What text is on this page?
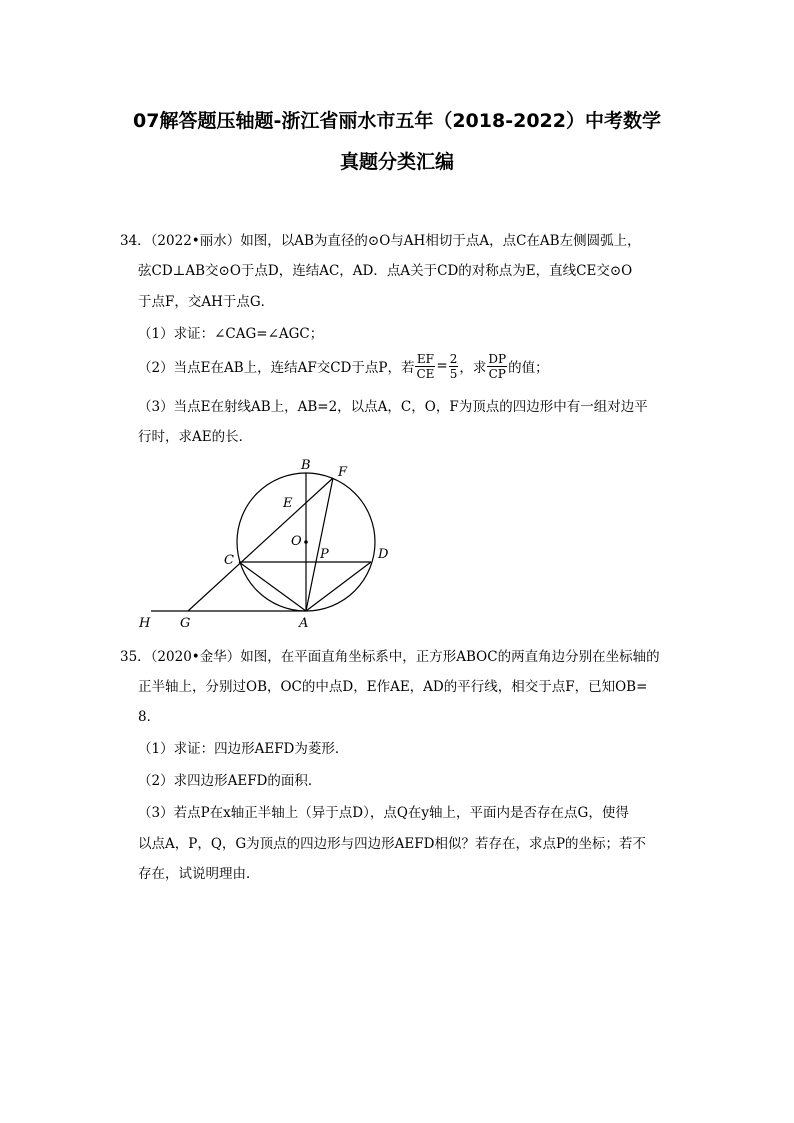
07解答题压轴题-浙江省丽水市五年（2018-2022）中考数学
真题分类汇编
34．（2022•丽水）如图，以AB为直径的⊙O与AH相切于点A，点C在AB左侧圆弧上，
弦CD⊥AB交⊙O于点D，连结AC，AD．点A关于CD的对称点为E，直线CE交⊙O
于点F，交AH于点G．
（1）求证：∠CAG=∠AGC；
（2）当点E在AB上，连结AF交CD于点P，若 $\frac{EF}{CE} = \frac{2}{5}$ ，求 $\frac{DP}{CP}$ 的值；
（3）当点E在射线AB上，AB=2，以点A，C，O，F为顶点的四边形中有一组对边平
行时，求AE的长．
B F
E
O
C	P	D
H G	A
35．（2020•金华）如图，在平面直角坐标系中，正方形ABOC的两直角边分别在坐标轴的
正半轴上，分别过OB，OC的中点D，E作AE，AD的平行线，相交于点F，已知OB=
8．
（1）求证：四边形AEFD为菱形．
（2）求四边形AEFD的面积．
（3）若点P在x轴正半轴上（异于点D），点Q在y轴上，平面内是否存在点G，使得
以点A，P，Q，G为顶点的四边形与四边形AEFD相似？若存在，求点P的坐标；若不
存在，试说明理由．
